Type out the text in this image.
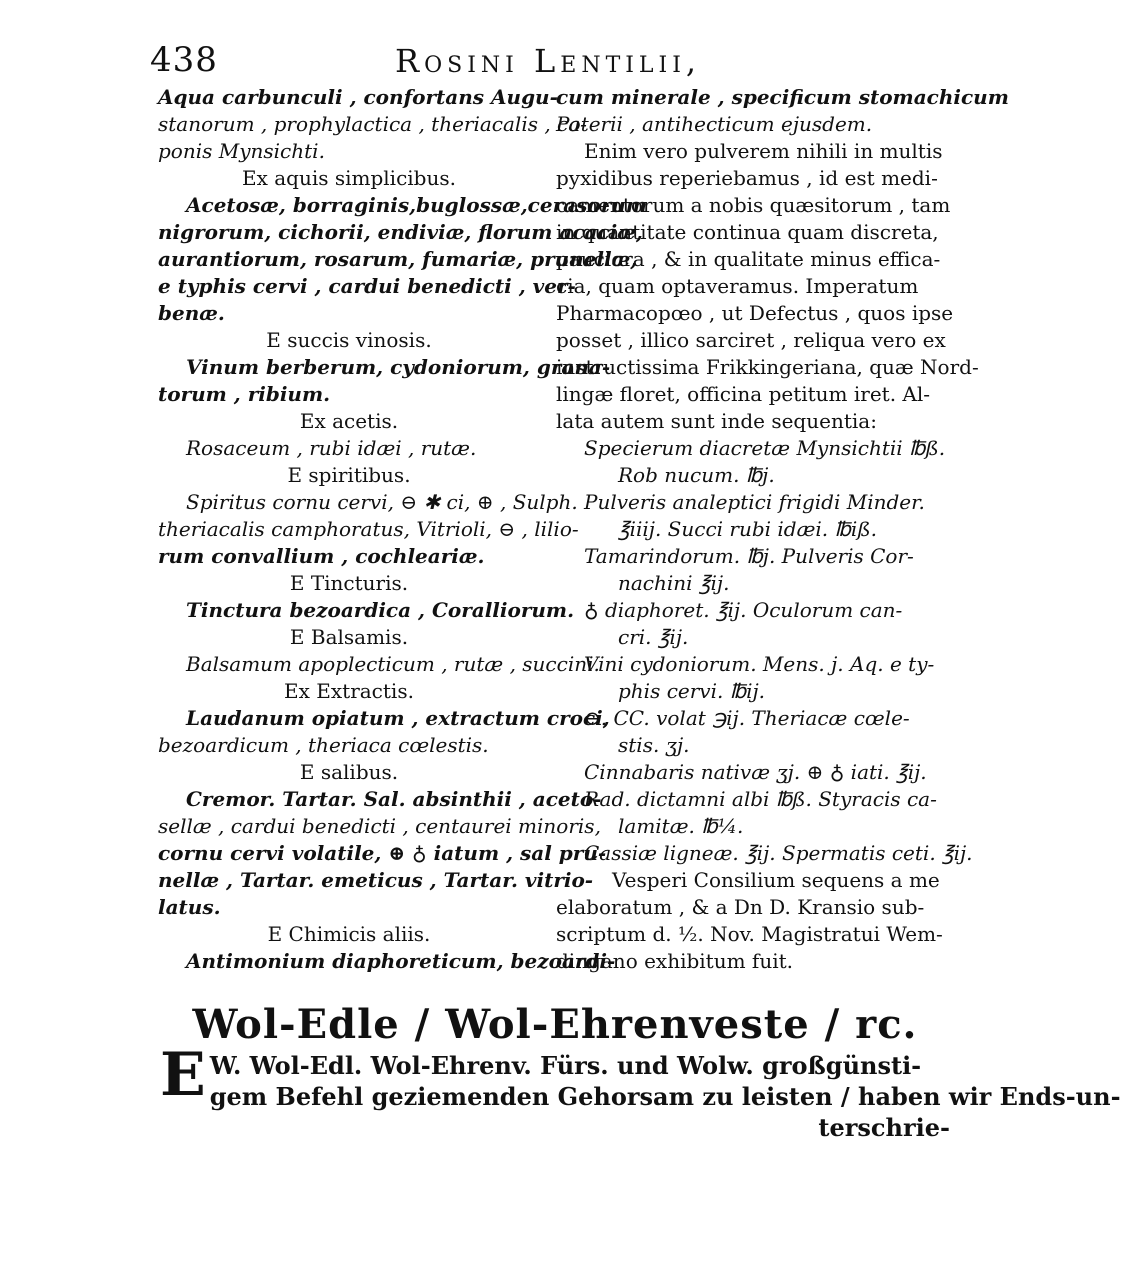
438	Rosini Lentilii,
Aqua carbunculi , confortans Augu-
stanorum , prophylactica , theriacalis , ca-
ponis Mynsichti.
Ex aquis simplicibus.
Acetosæ, borraginis,buglossæ,cerasorum
nigrorum, cichorii, endiviæ, florum acaciæ,
aurantiorum, rosarum, fumariæ, prunellæ,
e typhis cervi , cardui benedicti , ver-
benæ.
E succis vinosis.
Vinum berberum, cydoniorum, grana-
torum , ribium.
Ex acetis.
Rosaceum , rubi idæi , rutæ.
E spiritibus.
Spiritus cornu cervi, ⊖ ✱ ci, ⊕ , Sulph.
theriacalis camphoratus, Vitrioli, ⊖ , lilio-
rum convallium , cochleariæ.
E Tincturis.
Tinctura bezoardica , Coralliorum.
E Balsamis.
Balsamum apoplecticum , rutæ , succini.
Ex Extractis.
Laudanum opiatum , extractum croci,
bezoardicum , theriaca cœlestis.
E salibus.
Cremor. Tartar. Sal. absinthii , aceto-
sellæ , cardui benedicti , centaurei minoris,
cornu cervi volatile, ⊕ ♁ iatum , sal pru-
nellæ , Tartar. emeticus , Tartar. vitrio-
latus.
E Chimicis aliis.
Antimonium diaphoreticum, bezoardi-
cum minerale , specificum stomachicum
Poterii , antihecticum ejusdem.
Enim vero pulverem nihili in multis
pyxidibus reperiebamus , id est medi-
camentorum a nobis quæsitorum , tam
in quantitate continua quam discreta,
pauciora , & in qualitate minus effica-
cia, quam optaveramus. Imperatum
Pharmacopœo , ut Defectus , quos ipse
posset , illico sarciret , reliqua vero ex
instructissima Frikkingeriana, quæ Nord-
lingæ floret, officina petitum iret. Al-
lata autem sunt inde sequentia:
Specierum diacretæ Mynsichtii ℔ß.
Rob nucum. ℔j.
Pulveris analeptici frigidi Minder.
℥iiij. Succi rubi idæi. ℔iß.
Tamarindorum. ℔j. Pulveris Cor-
nachini ℥ij.
♁ diaphoret. ℥ij. Oculorum can-
cri. ℥ij.
Vini cydoniorum. Mens. j. Aq. e ty-
phis cervi. ℔ij.
⊖. CC. volat ℈ij. Theriacæ cœle-
stis. ʒj.
Cinnabaris nativæ ʒj. ⊕ ♁ iati. ℥ij.
Rad. dictamni albi ℔ß. Styracis ca-
lamitæ. ℔¼.
Cassiæ ligneæ. ℥ij. Spermatis ceti. ℥ij.
Vesperi Consilium sequens a me
elaboratum , & a Dn D. Kransio sub-
scriptum d. ½. Nov. Magistratui Wem-
dingano exhibitum fuit.
Wol-Edle / Wol-Ehrenveste / rc.
E W. Wol-Edl. Wol-Ehrenv. Fürs. und Wolw. großgünsti-
gem Befehl geziemenden Gehorsam zu leisten / haben wir Ends-un-
terschrie-
